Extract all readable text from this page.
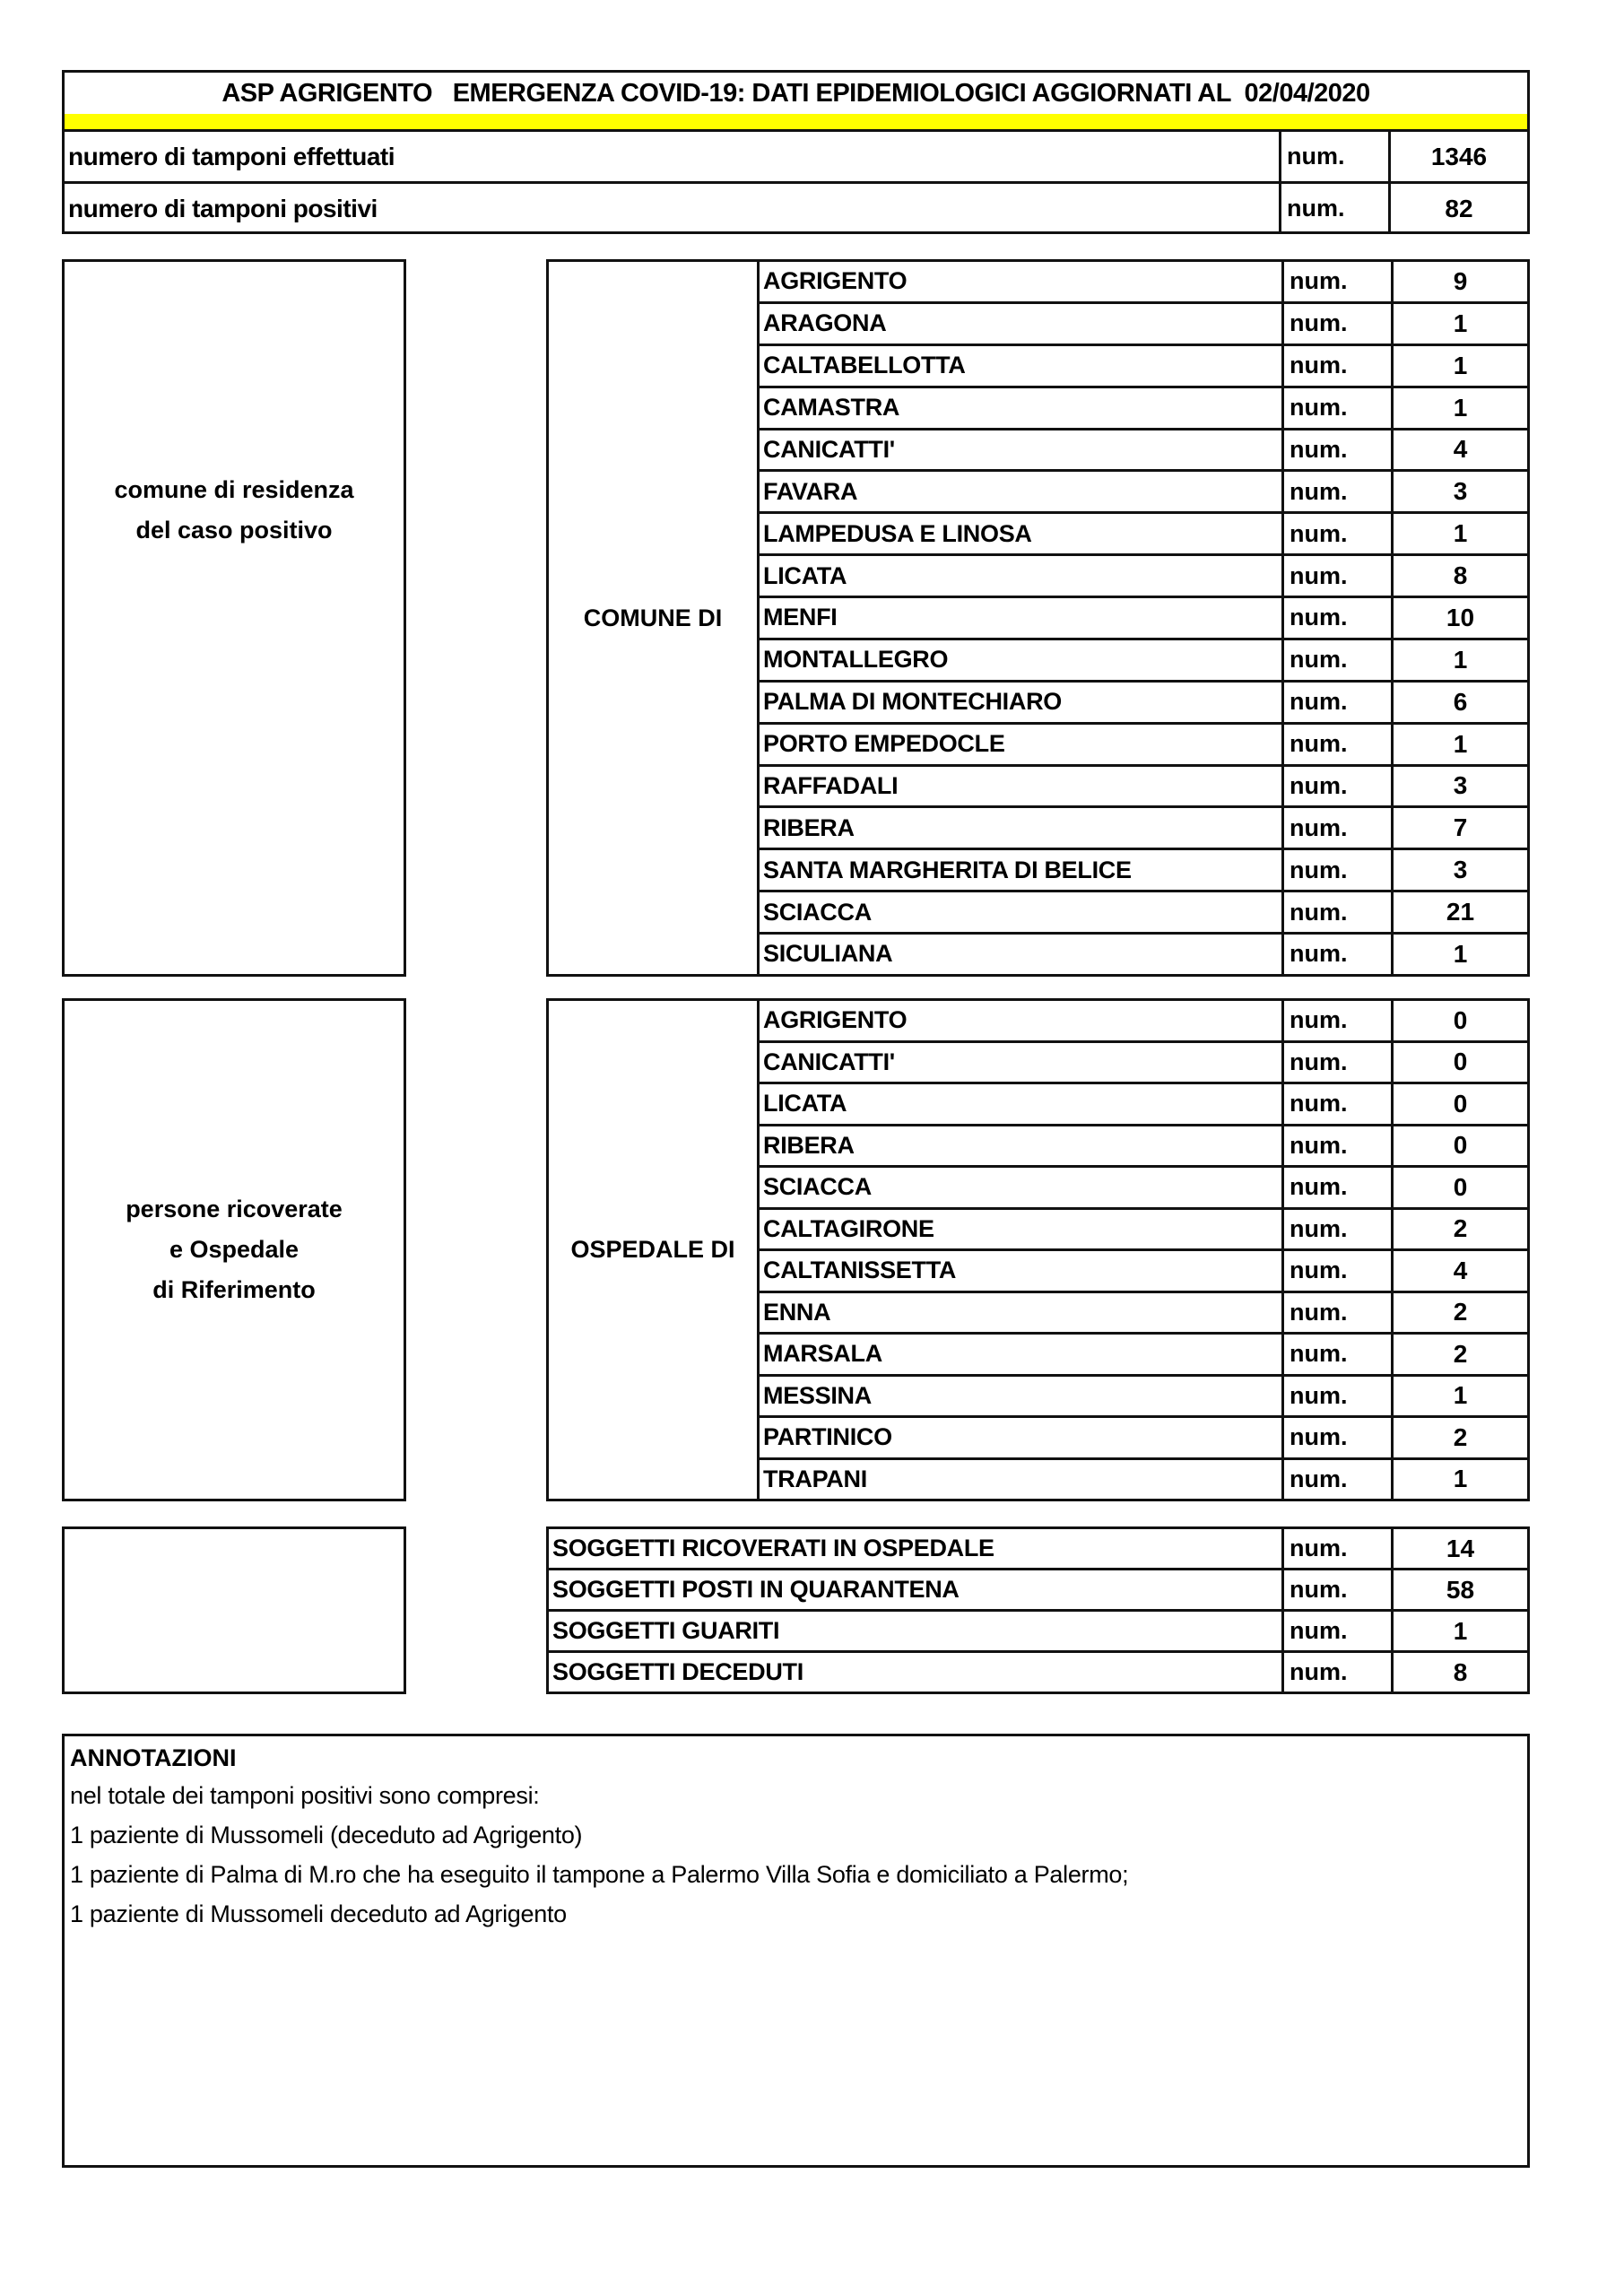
ASP AGRIGENTO   EMERGENZA COVID-19: DATI EPIDEMIOLOGICI AGGIORNATI AL  02/04/2020
numero di tamponi effettuati	num.	1346
numero di tamponi positivi	num.	82
comune di residenza
del caso positivo
COMUNE DI
AGRIGENTO	num.	9
ARAGONA	num.	1
CALTABELLOTTA	num.	1
CAMASTRA	num.	1
CANICATTI'	num.	4
FAVARA	num.	3
LAMPEDUSA E LINOSA	num.	1
LICATA	num.	8
MENFI	num.	10
MONTALLEGRO	num.	1
PALMA DI MONTECHIARO	num.	6
PORTO EMPEDOCLE	num.	1
RAFFADALI	num.	3
RIBERA	num.	7
SANTA MARGHERITA DI BELICE	num.	3
SCIACCA	num.	21
SICULIANA	num.	1
persone ricoverate
e Ospedale
di Riferimento
OSPEDALE DI
AGRIGENTO	num.	0
CANICATTI'	num.	0
LICATA	num.	0
RIBERA	num.	0
SCIACCA	num.	0
CALTAGIRONE	num.	2
CALTANISSETTA	num.	4
ENNA	num.	2
MARSALA	num.	2
MESSINA	num.	1
PARTINICO	num.	2
TRAPANI	num.	1
SOGGETTI RICOVERATI IN OSPEDALE	num.	14
SOGGETTI POSTI IN QUARANTENA	num.	58
SOGGETTI GUARITI	num.	1
SOGGETTI DECEDUTI	num.	8
ANNOTAZIONI
nel totale dei tamponi positivi sono compresi:
1 paziente di Mussomeli (deceduto ad Agrigento)
1 paziente di Palma di M.ro che ha eseguito il tampone a Palermo Villa Sofia e domiciliato a Palermo;
1 paziente di Mussomeli deceduto ad Agrigento
